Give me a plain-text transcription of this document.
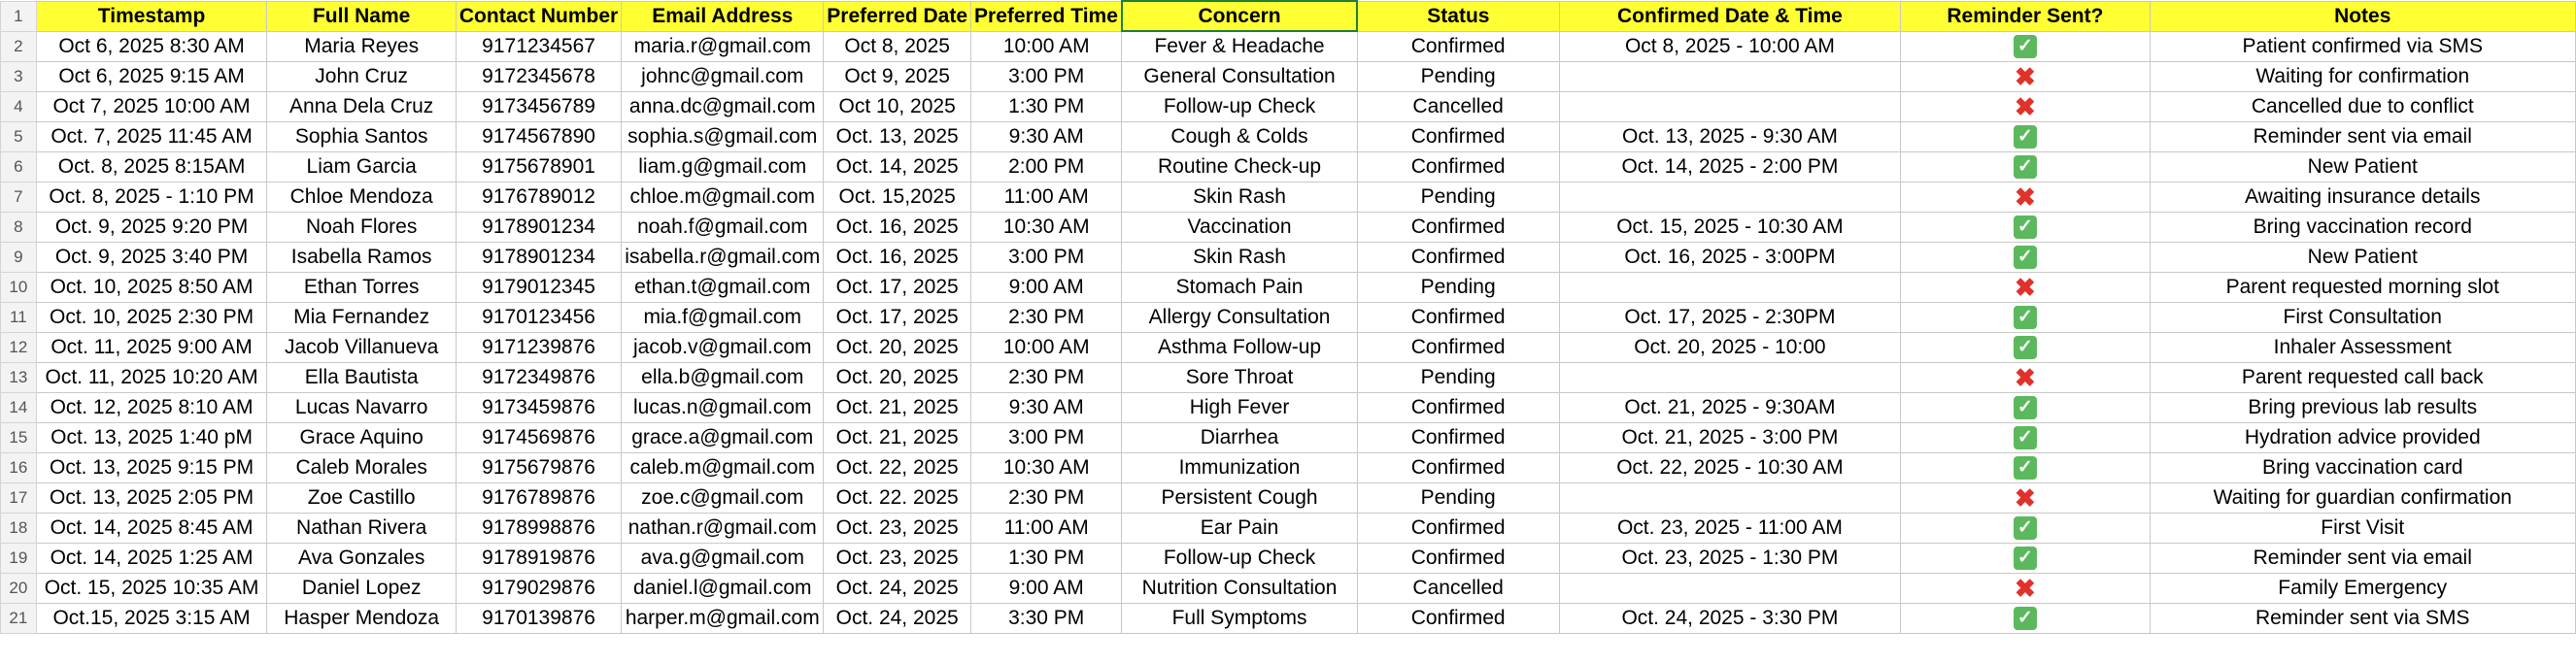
1	Timestamp	Full Name	Contact Number	Email Address	Preferred Date	Preferred Time	Concern	Status	Confirmed Date & Time	Reminder Sent?	Notes
2	Oct 6, 2025 8:30 AM	Maria Reyes	9171234567	maria.r@gmail.com	Oct 8, 2025	10:00 AM	Fever & Headache	Confirmed	Oct 8, 2025 - 10:00 AM	✓	Patient confirmed via SMS
3	Oct 6, 2025 9:15 AM	John Cruz	9172345678	johnc@gmail.com	Oct 9, 2025	3:00 PM	General Consultation	Pending		✖	Waiting for confirmation
4	Oct 7, 2025 10:00 AM	Anna Dela Cruz	9173456789	anna.dc@gmail.com	Oct 10, 2025	1:30 PM	Follow-up Check	Cancelled		✖	Cancelled due to conflict
5	Oct. 7, 2025 11:45 AM	Sophia Santos	9174567890	sophia.s@gmail.com	Oct. 13, 2025	9:30 AM	Cough & Colds	Confirmed	Oct. 13, 2025 - 9:30 AM	✓	Reminder sent via email
6	Oct. 8, 2025 8:15AM	Liam Garcia	9175678901	liam.g@gmail.com	Oct. 14, 2025	2:00 PM	Routine Check-up	Confirmed	Oct. 14, 2025 - 2:00 PM	✓	New Patient
7	Oct. 8, 2025 - 1:10 PM	Chloe Mendoza	9176789012	chloe.m@gmail.com	Oct. 15,2025	11:00 AM	Skin Rash	Pending		✖	Awaiting insurance details
8	Oct. 9, 2025 9:20 PM	Noah Flores	9178901234	noah.f@gmail.com	Oct. 16, 2025	10:30 AM	Vaccination	Confirmed	Oct. 15, 2025 - 10:30 AM	✓	Bring vaccination record
9	Oct. 9, 2025 3:40 PM	Isabella Ramos	9178901234	isabella.r@gmail.com	Oct. 16, 2025	3:00 PM	Skin Rash	Confirmed	Oct. 16, 2025 - 3:00PM	✓	New Patient
10	Oct. 10, 2025 8:50 AM	Ethan Torres	9179012345	ethan.t@gmail.com	Oct. 17, 2025	9:00 AM	Stomach Pain	Pending		✖	Parent requested morning slot
11	Oct. 10, 2025 2:30 PM	Mia Fernandez	9170123456	mia.f@gmail.com	Oct. 17, 2025	2:30 PM	Allergy Consultation	Confirmed	Oct. 17, 2025 - 2:30PM	✓	First Consultation
12	Oct. 11, 2025 9:00 AM	Jacob Villanueva	9171239876	jacob.v@gmail.com	Oct. 20, 2025	10:00 AM	Asthma Follow-up	Confirmed	Oct. 20, 2025 - 10:00	✓	Inhaler Assessment
13	Oct. 11, 2025 10:20 AM	Ella Bautista	9172349876	ella.b@gmail.com	Oct. 20, 2025	2:30 PM	Sore Throat	Pending		✖	Parent requested call back
14	Oct. 12, 2025 8:10 AM	Lucas Navarro	9173459876	lucas.n@gmail.com	Oct. 21, 2025	9:30 AM	High Fever	Confirmed	Oct. 21, 2025 - 9:30AM	✓	Bring previous lab results
15	Oct. 13, 2025 1:40 pM	Grace Aquino	9174569876	grace.a@gmail.com	Oct. 21, 2025	3:00 PM	Diarrhea	Confirmed	Oct. 21, 2025 - 3:00 PM	✓	Hydration advice provided
16	Oct. 13, 2025 9:15 PM	Caleb Morales	9175679876	caleb.m@gmail.com	Oct. 22, 2025	10:30 AM	Immunization	Confirmed	Oct. 22, 2025 - 10:30 AM	✓	Bring vaccination card
17	Oct. 13, 2025 2:05 PM	Zoe Castillo	9176789876	zoe.c@gmail.com	Oct. 22. 2025	2:30 PM	Persistent Cough	Pending		✖	Waiting for guardian confirmation
18	Oct. 14, 2025 8:45 AM	Nathan Rivera	9178998876	nathan.r@gmail.com	Oct. 23, 2025	11:00 AM	Ear Pain	Confirmed	Oct. 23, 2025 - 11:00 AM	✓	First Visit
19	Oct. 14, 2025 1:25 AM	Ava Gonzales	9178919876	ava.g@gmail.com	Oct. 23, 2025	1:30 PM	Follow-up Check	Confirmed	Oct. 23, 2025 - 1:30 PM	✓	Reminder sent via email
20	Oct. 15, 2025 10:35 AM	Daniel Lopez	9179029876	daniel.l@gmail.com	Oct. 24, 2025	9:00 AM	Nutrition Consultation	Cancelled		✖	Family Emergency
21	Oct.15, 2025 3:15 AM	Hasper Mendoza	9170139876	harper.m@gmail.com	Oct. 24, 2025	3:30 PM	Full Symptoms	Confirmed	Oct. 24, 2025 - 3:30 PM	✓	Reminder sent via SMS
